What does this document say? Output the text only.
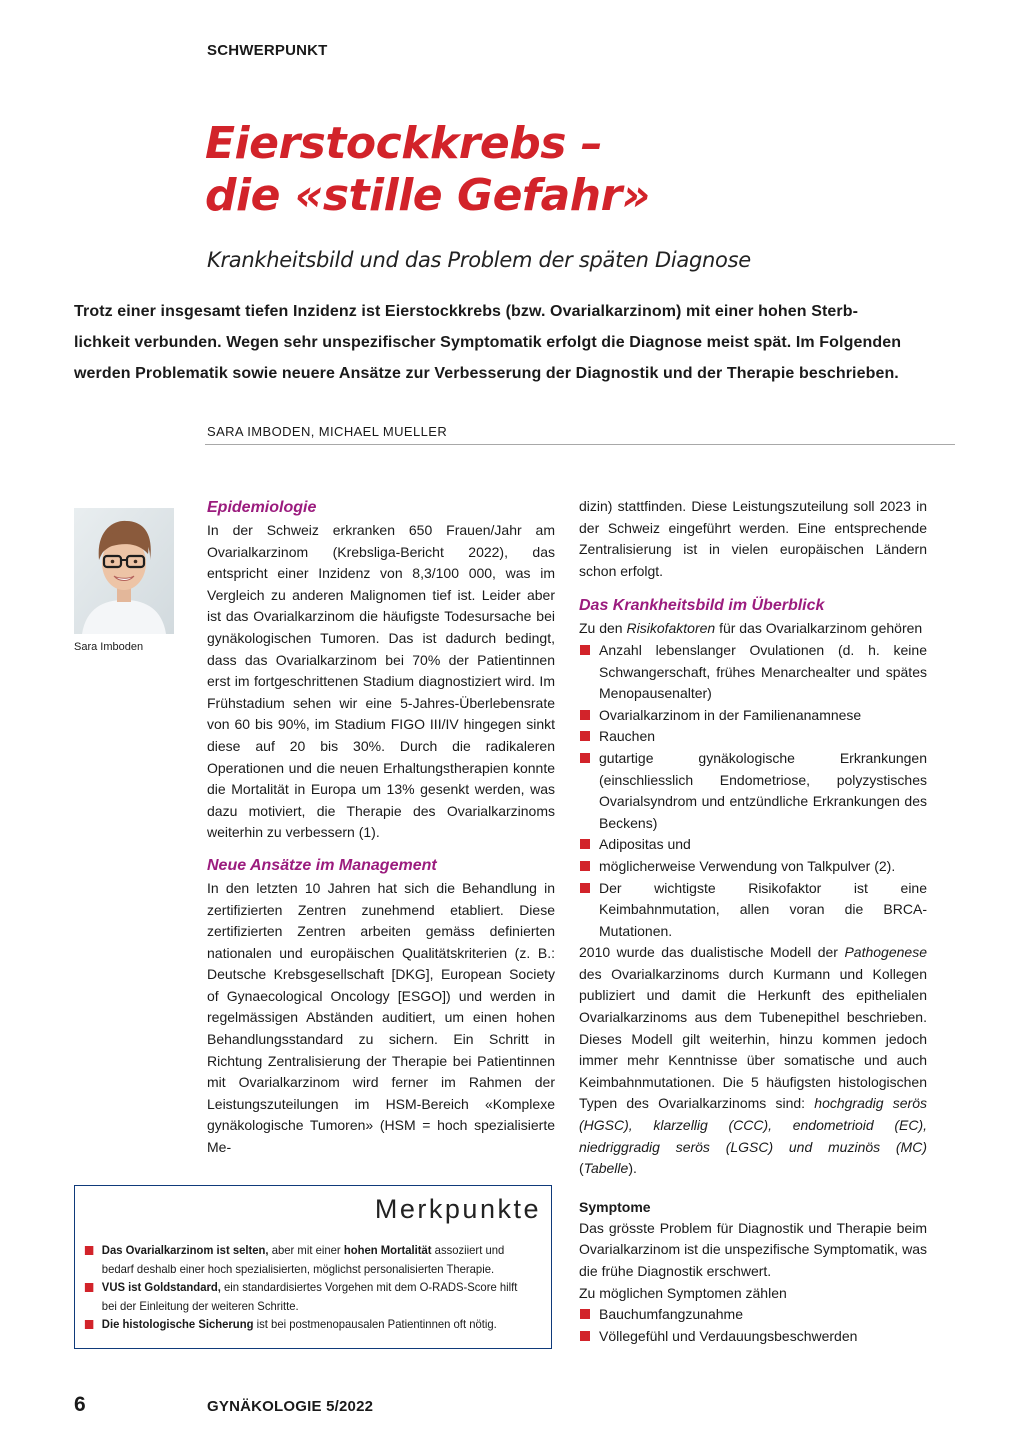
SCHWERPUNKT
Eierstockkrebs –
die «stille Gefahr»
Krankheitsbild und das Problem der späten Diagnose

Trotz einer insgesamt tiefen Inzidenz ist Eierstockkrebs (bzw. Ovarialkarzinom) mit einer hohen Sterb-
lichkeit verbunden. Wegen sehr unspezifischer Symptomatik erfolgt die Diagnose meist spät. Im Folgenden
werden Problematik sowie neuere Ansätze zur Verbesserung der Diagnostik und der Therapie beschrieben.

SARA IMBODEN, MICHAEL MUELLER
Sara Imboden
Epidemiologie

In der Schweiz erkranken 650 Frauen/Jahr am Ovarialkarzinom (Krebsliga-Bericht 2022), das entspricht einer Inzidenz von 8,3/100 000, was im Vergleich zu anderen Malignomen tief ist. Leider aber ist das Ovarialkarzinom die häufigste Todesursache bei gynäkologischen Tumoren. Das ist dadurch bedingt, dass das Ovarialkarzinom bei 70% der Patientinnen erst im fortgeschrittenen Stadium diagnostiziert wird. Im Frühstadium sehen wir eine 5-Jahres-Überlebensrate von 60 bis 90%, im Stadium FIGO III/IV hingegen sinkt diese auf 20 bis 30%. Durch die radikaleren Operationen und die neuen Erhaltungstherapien konnte die Mortalität in Europa um 13% gesenkt werden, was dazu motiviert, die Therapie des Ovarialkarzinoms weiterhin zu verbessern (1).

Neue Ansätze im Management

In den letzten 10 Jahren hat sich die Behandlung in zertifizierten Zentren zunehmend etabliert. Diese zertifizierten Zentren arbeiten gemäss definierten nationalen und europäischen Qualitätskriterien (z. B.: Deutsche Krebsgesellschaft [DKG], European Society of Gynaecological Oncology [ESGO]) und werden in regelmässigen Abständen auditiert, um einen hohen Behandlungsstandard zu sichern. Ein Schritt in Richtung Zentralisierung der Therapie bei Patientinnen mit Ovarialkarzinom wird ferner im Rahmen der Leistungszuteilungen im HSM-Bereich «Komplexe gynäkologische Tumoren» (HSM = hoch spezialisierte Me-

dizin) stattfinden. Diese Leistungszuteilung soll 2023 in der Schweiz eingeführt werden. Eine entsprechende Zentralisierung ist in vielen europäischen Ländern schon erfolgt.

Das Krankheitsbild im Überblick

Zu den Risikofaktoren für das Ovarialkarzinom gehören

Anzahl lebenslanger Ovulationen (d. h. keine Schwangerschaft, frühes Menarchealter und spätes Menopausenalter)
Ovarialkarzinom in der Familienanamnese
Rauchen
gutartige gynäkologische Erkrankungen (einschliesslich Endometriose, polyzystisches Ovarialsyndrom und entzündliche Erkrankungen des Beckens)
Adipositas und
möglicherweise Verwendung von Talkpulver (2).
Der wichtigste Risikofaktor ist eine Keimbahnmutation, allen voran die BRCA-Mutationen.

2010 wurde das dualistische Modell der Pathogenese des Ovarialkarzinoms durch Kurmann und Kollegen publiziert und damit die Herkunft des epithelialen Ovarialkarzinoms aus dem Tubenepithel beschrieben. Dieses Modell gilt weiterhin, hinzu kommen jedoch immer mehr Kenntnisse über somatische und auch Keimbahnmutationen. Die 5 häufigsten histologischen Typen des Ovarialkarzinoms sind: hochgradig serös (HGSC), klarzellig (CCC), endometrioid (EC), niedriggradig serös (LGSC) und muzinös (MC) (Tabelle).

Symptome

Das grösste Problem für Diagnostik und Therapie beim Ovarialkarzinom ist die unspezifische Symptomatik, was die frühe Diagnostik erschwert.

Zu möglichen Symptomen zählen

Bauchumfangzunahme
Völlegefühl und Verdauungsbeschwerden
Merkpunkte
Das Ovarialkarzinom ist selten, aber mit einer hohen Mortalität assoziiert und bedarf deshalb einer hoch spezialisierten, möglichst personalisierten Therapie.
VUS ist Goldstandard, ein standardisiertes Vorgehen mit dem O-RADS-Score hilft bei der Einleitung der weiteren Schritte.
Die histologische Sicherung ist bei postmenopausalen Patientinnen oft nötig.
6	GYNÄKOLOGIE 5/2022
